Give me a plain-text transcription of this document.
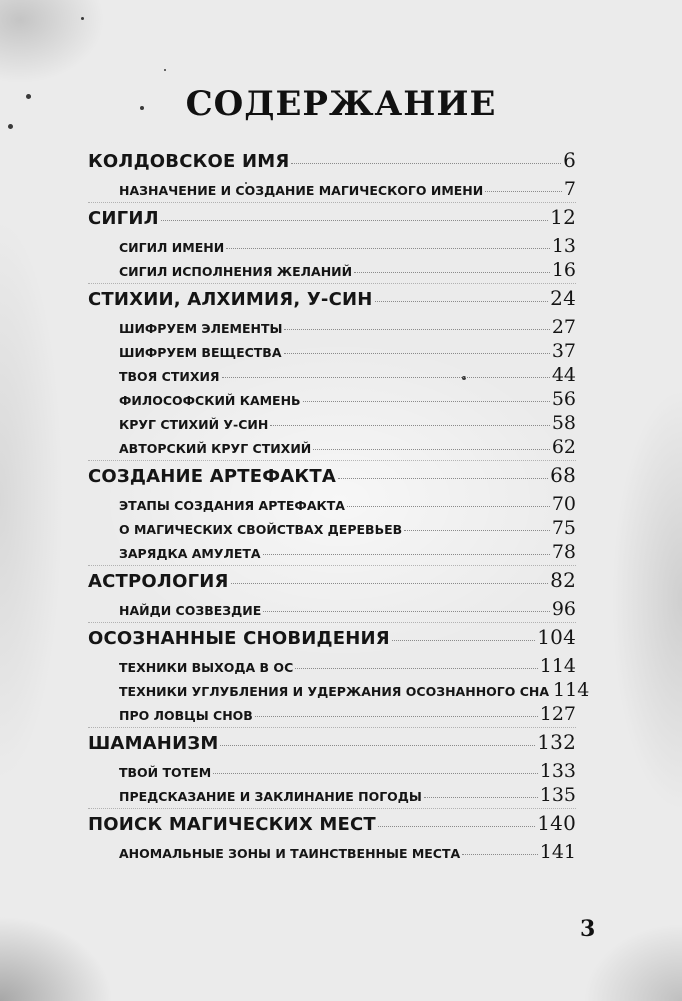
СОДЕРЖАНИЕ
КОЛДОВСКОЕ ИМЯ	6
НАЗНАЧЕНИЕ И СОЗДАНИЕ МАГИЧЕСКОГО ИМЕНИ	7
СИГИЛ	12
СИГИЛ ИМЕНИ	13
СИГИЛ ИСПОЛНЕНИЯ ЖЕЛАНИЙ	16
СТИХИИ, АЛХИМИЯ, У-СИН	24
ШИФРУЕМ ЭЛЕМЕНТЫ	27
ШИФРУЕМ ВЕЩЕСТВА	37
ТВОЯ СТИХИЯ	44
ФИЛОСОФСКИЙ КАМЕНЬ	56
КРУГ СТИХИЙ У-СИН	58
АВТОРСКИЙ КРУГ СТИХИЙ	62
СОЗДАНИЕ АРТЕФАКТА	68
ЭТАПЫ СОЗДАНИЯ АРТЕФАКТА	70
О МАГИЧЕСКИХ СВОЙСТВАХ ДЕРЕВЬЕВ	75
ЗАРЯДКА АМУЛЕТА	78
АСТРОЛОГИЯ	82
НАЙДИ СОЗВЕЗДИЕ	96
ОСОЗНАННЫЕ СНОВИДЕНИЯ	104
ТЕХНИКИ ВЫХОДА В ОС	114
ТЕХНИКИ УГЛУБЛЕНИЯ И УДЕРЖАНИЯ ОСОЗНАННОГО СНА 114
ПРО ЛОВЦЫ СНОВ	127
ШАМАНИЗМ	132
ТВОЙ ТОТЕМ	133
ПРЕДСКАЗАНИЕ И ЗАКЛИНАНИЕ ПОГОДЫ	135
ПОИСК МАГИЧЕСКИХ МЕСТ	140
АНОМАЛЬНЫЕ ЗОНЫ И ТАИНСТВЕННЫЕ МЕСТА	141
3
